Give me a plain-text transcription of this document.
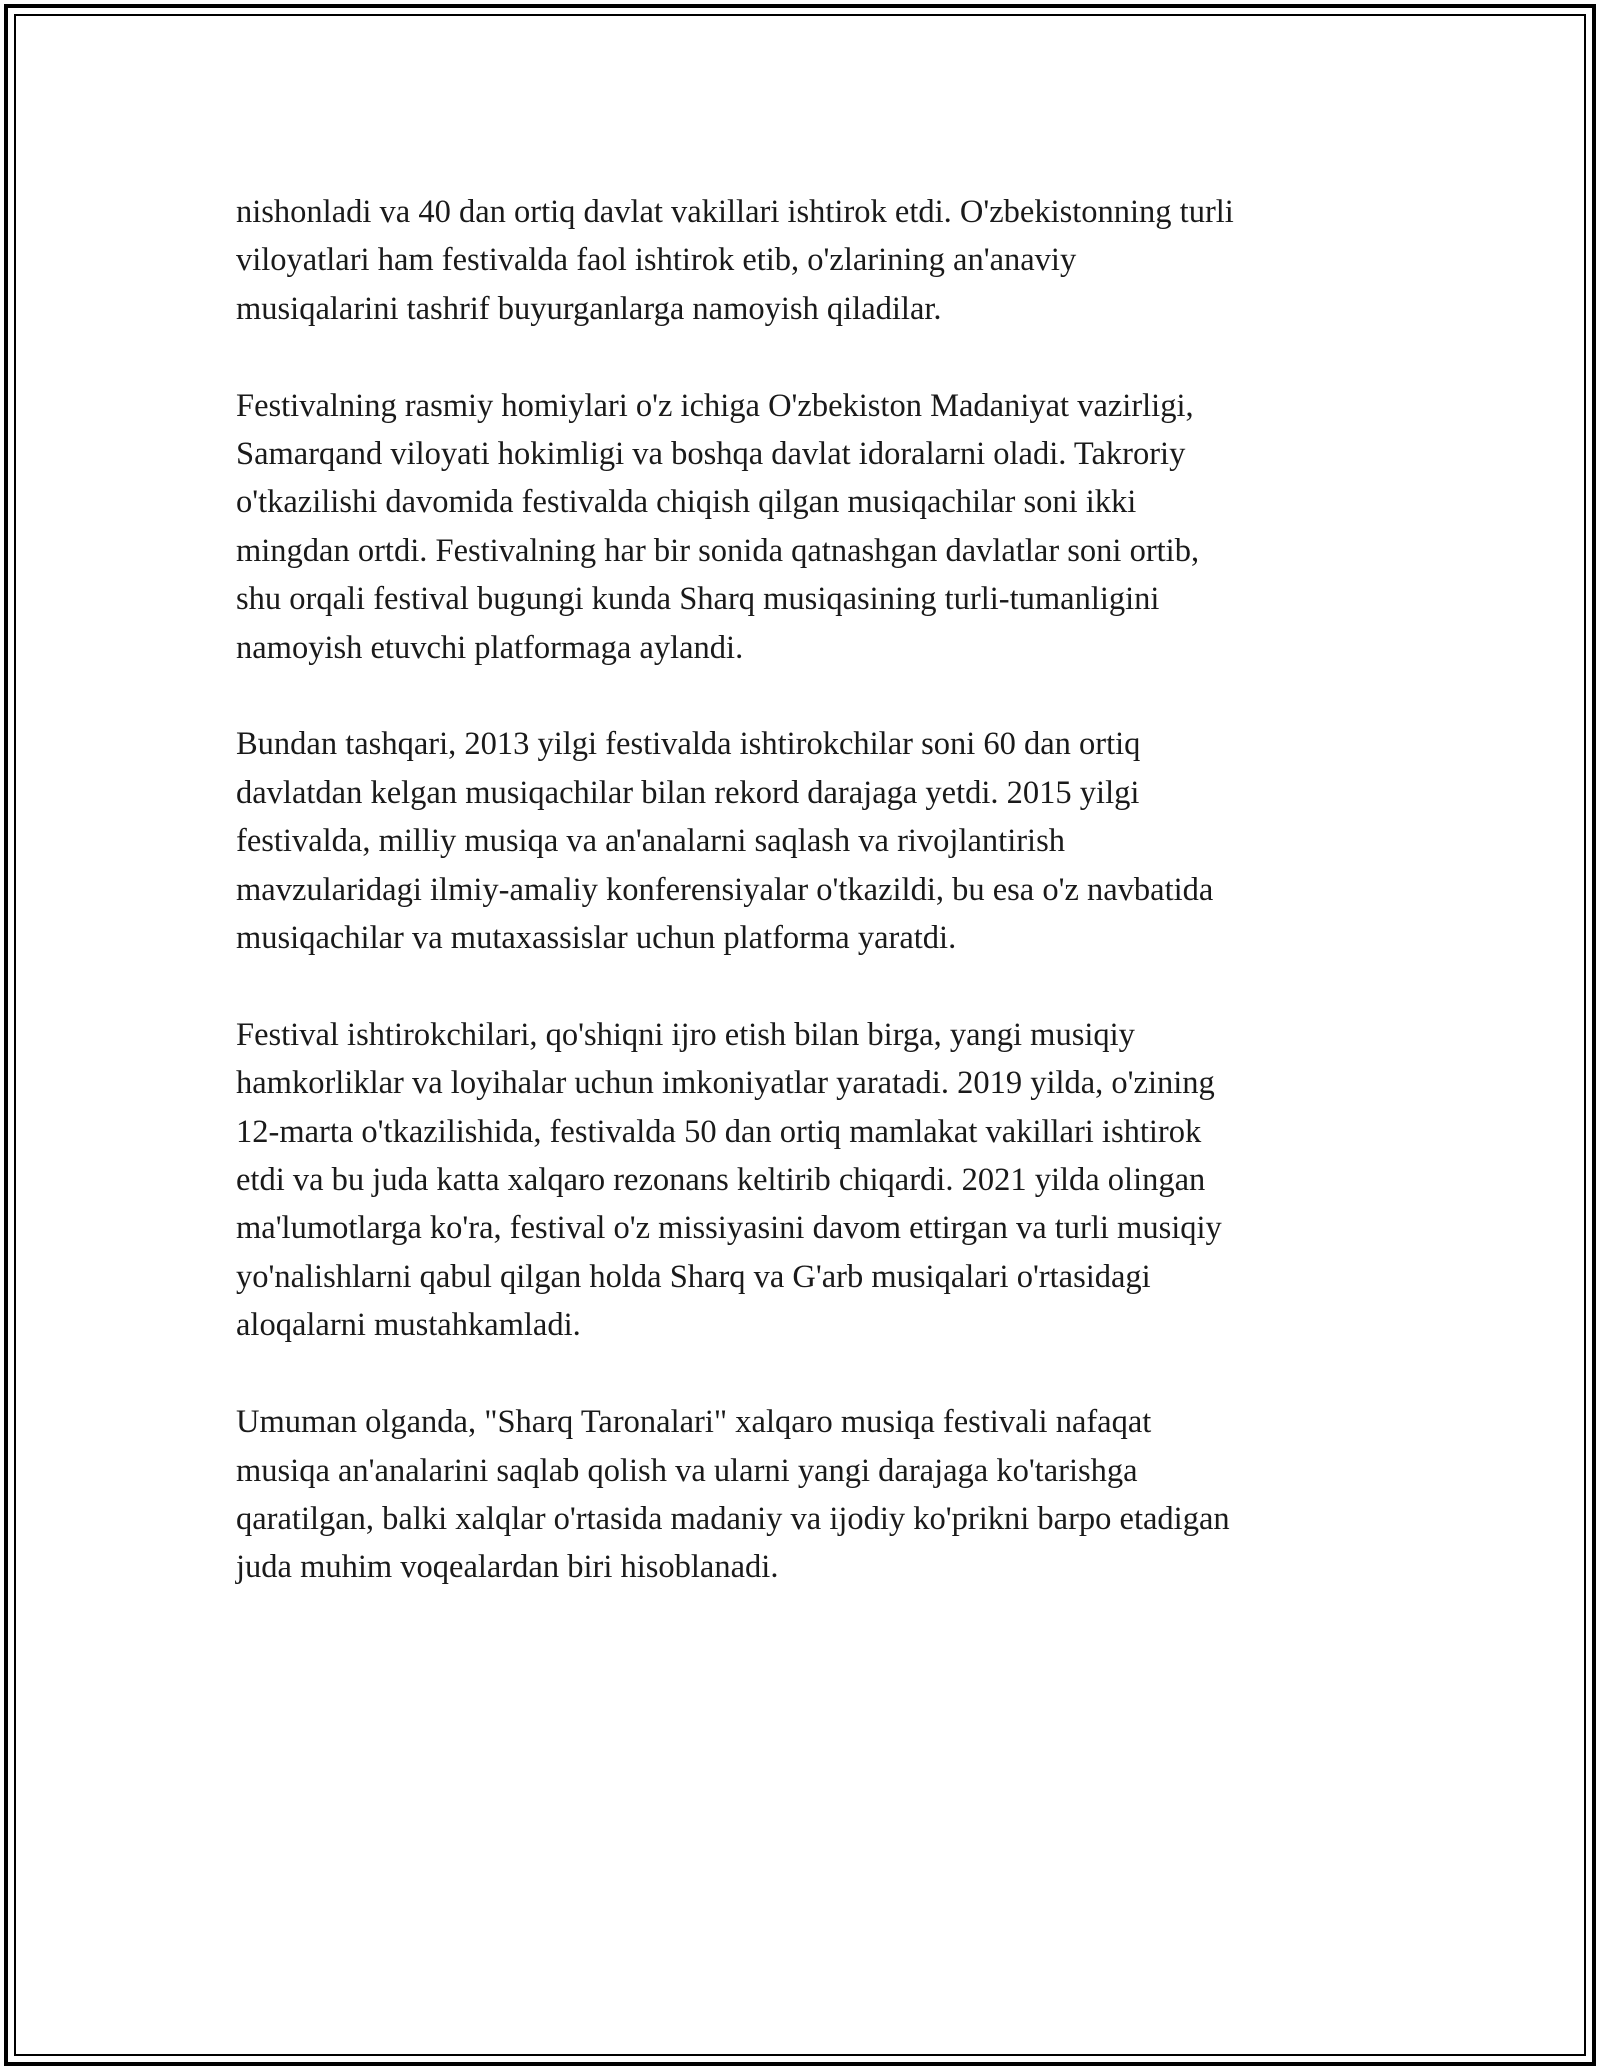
nishonladi va 40 dan ortiq davlat vakillari ishtirok etdi. O'zbekistonning turli
viloyatlari ham festivalda faol ishtirok etib, o'zlarining an'anaviy
musiqalarini tashrif buyurganlarga namoyish qiladilar.

Festivalning rasmiy homiylari o'z ichiga O'zbekiston Madaniyat vazirligi,
Samarqand viloyati hokimligi va boshqa davlat idoralarni oladi. Takroriy
o'tkazilishi davomida festivalda chiqish qilgan musiqachilar soni ikki
mingdan ortdi. Festivalning har bir sonida qatnashgan davlatlar soni ortib,
shu orqali festival bugungi kunda Sharq musiqasining turli-tumanligini
namoyish etuvchi platformaga aylandi.

Bundan tashqari, 2013 yilgi festivalda ishtirokchilar soni 60 dan ortiq
davlatdan kelgan musiqachilar bilan rekord darajaga yetdi. 2015 yilgi
festivalda, milliy musiqa va an'analarni saqlash va rivojlantirish
mavzularidagi ilmiy-amaliy konferensiyalar o'tkazildi, bu esa o'z navbatida
musiqachilar va mutaxassislar uchun platforma yaratdi.

Festival ishtirokchilari, qo'shiqni ijro etish bilan birga, yangi musiqiy
hamkorliklar va loyihalar uchun imkoniyatlar yaratadi. 2019 yilda, o'zining
12-marta o'tkazilishida, festivalda 50 dan ortiq mamlakat vakillari ishtirok
etdi va bu juda katta xalqaro rezonans keltirib chiqardi. 2021 yilda olingan
ma'lumotlarga ko'ra, festival o'z missiyasini davom ettirgan va turli musiqiy
yo'nalishlarni qabul qilgan holda Sharq va G'arb musiqalari o'rtasidagi
aloqalarni mustahkamladi.

Umuman olganda, "Sharq Taronalari" xalqaro musiqa festivali nafaqat
musiqa an'analarini saqlab qolish va ularni yangi darajaga ko'tarishga
qaratilgan, balki xalqlar o'rtasida madaniy va ijodiy ko'prikni barpo etadigan
juda muhim voqealardan biri hisoblanadi.
